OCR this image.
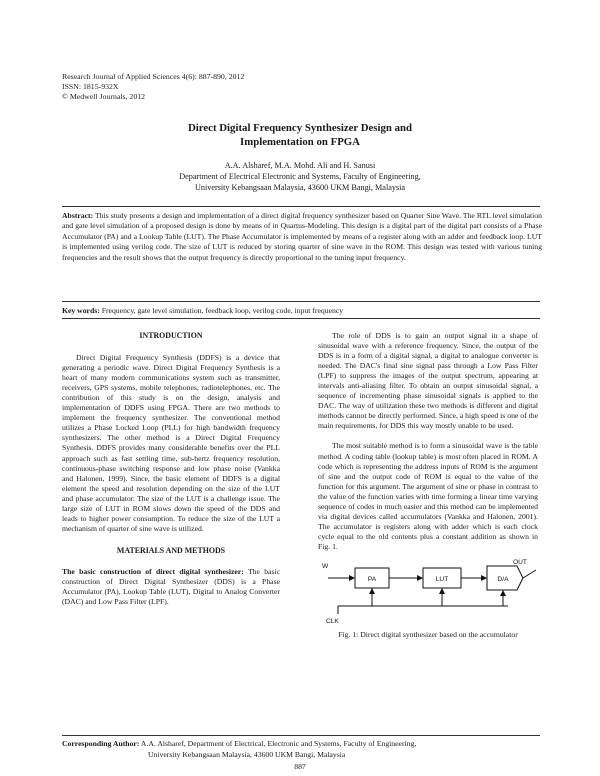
Research Journal of Applied Sciences 4(6): 887-890, 2012
ISSN: 1815-932X
© Medwell Journals, 2012
Direct Digital Frequency Synthesizer Design and
Implementation on FPGA
A.A. Alsharef, M.A. Mohd. Ali and H. Sanusi
Department of Electrical Electronic and Systems, Faculty of Engineering,
University Kebangsaan Malaysia, 43600 UKM Bangi, Malaysia
Abstract: This study presents a design and implementation of a direct digital frequency synthesizer based on Quarter Sine Wave. The RTL level simulation and gate level simulation of a proposed design is done by means of in Quartus-Modeling. This design is a digital part of the digital part consists of a Phase Accumulator (PA) and a Lookup Table (LUT). The Phase Accumulator is implemented by means of a register along with an adder and feedback loop. LUT is implemented using verilog code. The size of LUT is reduced by storing quarter of sine wave in the ROM. This design was tested with various tuning frequencies and the result shows that the output frequency is directly proportional to the tuning input frequency.
Key words: Frequency, gate level simulation, feedback loop, verilog code, input frequency
INTRODUCTION

Direct Digital Frequency Synthesis (DDFS) is a device that generating a periodic wave. Direct Digital Frequency Synthesis is a heart of many modern communications system such as transmitter, receivers, GPS systems, mobile telephones, radiotelephones, etc. The contribution of this study is on the design, analysis and implementation of DDFS using FPGA. There are two methods to implement the frequency synthesizer. The conventional method utilizes a Phase Locked Loop (PLL) for high bandwidth frequency synthesizers. The other method is a Direct Digital Frequency Synthesis. DDFS provides many considerable benefits over the PLL approach such as fast settling time, sub-hertz frequency resolution, continuous-phase switching response and low phase noise (Vankka and Halonen, 1999). Since, the basic element of DDFS is a digital element the speed and resolution depending on the size of the LUT and phase accumulator. The size of the LUT is a challenge issue. The large size of LUT in ROM slows down the speed of the DDS and leads to higher power consumption. To reduce the size of the LUT a mechanism of quarter of sine wave is utilized.

MATERIALS AND METHODS

The basic construction of direct digital synthesizer: The basic construction of Direct Digital Synthesizer (DDS) is a Phase Accumulator (PA), Lookup Table (LUT), Digital to Analog Converter (DAC) and Low Pass Filter (LPF).

The role of DDS is to gain an output signal in a shape of sinusoidal wave with a reference frequency. Since, the output of the DDS is in a form of a digital signal, a digital to analogue converter is needed. The DAC's final sine signal pass through a Low Pass Filter (LPF) to suppress the images of the output spectrum, appearing at intervals anti-aliasing filter. To obtain an output sinusoidal signal, a sequence of incrementing phase sinusoidal signals is applied to the DAC. The way of utilization these two methods is different and digital methods cannot be directly performed. Since, a high speed is one of the main requirements, for DDS this way mostly unable to be used.

The most suitable method is to form a sinusoidal wave is the table method. A coding table (lookup table) is most often placed in ROM. A code which is representing the address inputs of ROM is the argument of sine and the output code of ROM is equal to the value of the function for this argument. The argument of sine or phase in contrast to the value of the function varies with time forming a linear time varying sequence of codes in much easier and this method can be implemented via digital devices called accumulators (Vankka and Halonen, 2001). The accumulator is registers along with adder which is each clock cycle equal to the old contents plus a constant addition as shown in Fig. 1.

W
PA	LUT	D/A
OUT
CLK
Fig. 1: Direct digital synthesizer based on the accumulator
Corresponding Author: A.A. Alsharef, Department of Electrical, Electronic and Systems, Faculty of Engineering,
University Kebangsaan Malaysia, 43600 UKM Bangi, Malaysia
887
